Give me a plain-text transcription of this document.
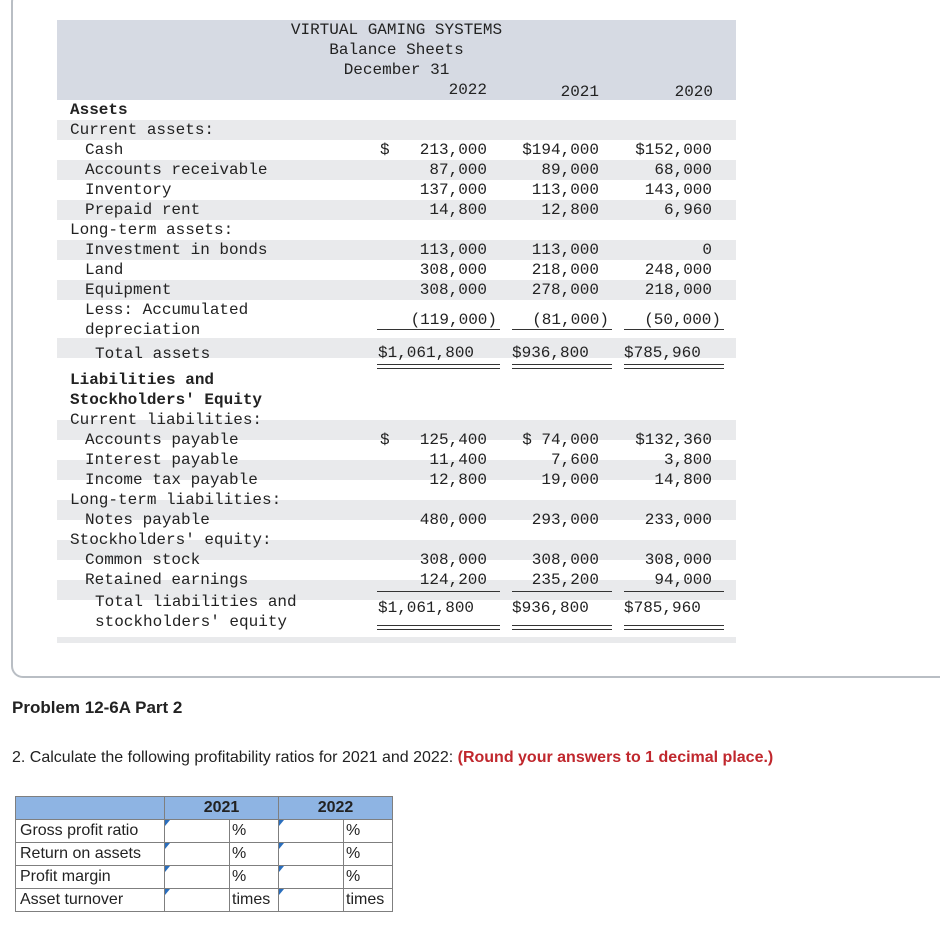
VIRTUAL GAMING SYSTEMS
Balance Sheets
December 31
2022	2021	2020
Assets
Current assets:
Cash	$	213,000	$194,000	$152,000
Accounts receivable	87,000	89,000	68,000
Inventory	137,000	113,000	143,000
Prepaid rent	14,800	12,800	6,960
Long-term assets:
Investment in bonds	113,000	113,000	0
Land	308,000	218,000	248,000
Equipment	308,000	278,000	218,000
Less: Accumulated
depreciation
(119,000)	(81,000)	(50,000)
Total assets	$1,061,800 $936,800 $785,960
Liabilities and
Stockholders' Equity
Current liabilities:
Accounts payable	$	125,400	$ 74,000	$132,360
Interest payable	11,400	7,600	3,800
Income tax payable	12,800	19,000	14,800
Long-term liabilities:
Notes payable	480,000	293,000	233,000
Stockholders' equity:
Common stock	308,000	308,000	308,000
Retained earnings	124,200	235,200	94,000
Total liabilities and
stockholders' equity
$1,061,800 $936,800 $785,960
Problem 12-6A Part 2
2. Calculate the following profitability ratios for 2021 and 2022: (Round your answers to 1 decimal place.)
	2021		2022	
Gross profit ratio		%		%
Return on assets		%		%
Profit margin		%		%
Asset turnover		times		times
